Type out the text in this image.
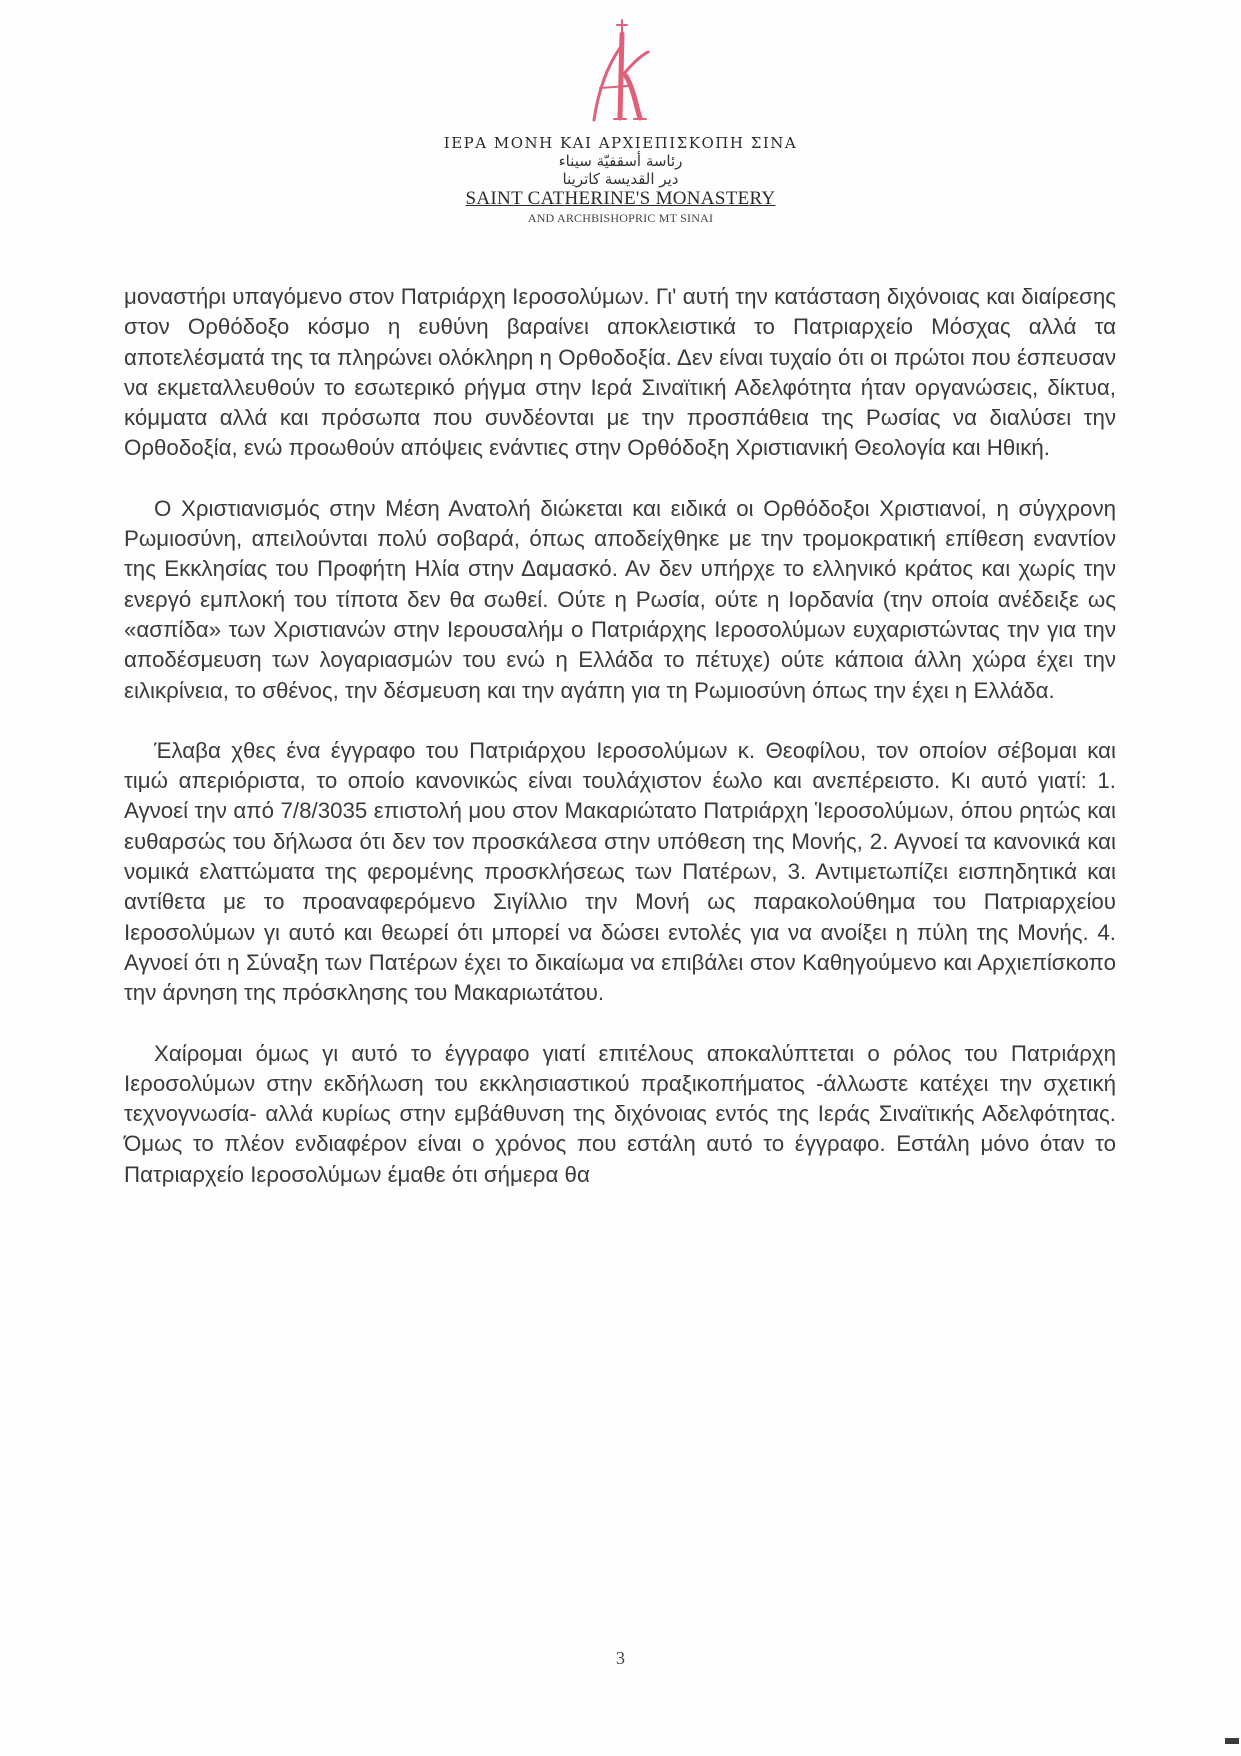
ΙΕΡΑ ΜΟΝΗ ΚΑΙ ΑΡΧΙΕΠΙΣΚΟΠΗ ΣΙΝΑ
رئاسة أسقفيّة سيناء
دير القديسة كاترينا
SAINT CATHERINE'S MONASTERY
AND ARCHBISHOPRIC MT SINAI

μοναστήρι υπαγόμενο στον Πατριάρχη Ιεροσολύμων. Γι' αυτή την κατάσταση διχόνοιας και διαίρεσης στον Ορθόδοξο κόσμο η ευθύνη βαραίνει αποκλειστικά το Πατριαρχείο Μόσχας αλλά τα αποτελέσματά της τα πληρώνει ολόκληρη η Ορθοδοξία. Δεν είναι τυχαίο ότι οι πρώτοι που έσπευσαν να εκμεταλλευθούν το εσωτερικό ρήγμα στην Ιερά Σιναϊτική Αδελφότητα ήταν οργανώσεις, δίκτυα, κόμματα αλλά και πρόσωπα που συνδέονται με την προσπάθεια της Ρωσίας να διαλύσει την Ορθοδοξία, ενώ προωθούν απόψεις ενάντιες στην Ορθόδοξη Χριστιανική Θεολογία και Ηθική.

Ο Χριστιανισμός στην Μέση Ανατολή διώκεται και ειδικά οι Ορθόδοξοι Χριστιανοί, η σύγχρονη Ρωμιοσύνη, απειλούνται πολύ σοβαρά, όπως αποδείχθηκε με την τρομοκρατική επίθεση εναντίον της Εκκλησίας του Προφήτη Ηλία στην Δαμασκό. Αν δεν υπήρχε το ελληνικό κράτος και χωρίς την ενεργό εμπλοκή του τίποτα δεν θα σωθεί. Ούτε η Ρωσία, ούτε η Ιορδανία (την οποία ανέδειξε ως «ασπίδα» των Χριστιανών στην Ιερουσαλήμ ο Πατριάρχης Ιεροσολύμων ευχαριστώντας την για την αποδέσμευση των λογαριασμών του ενώ η Ελλάδα το πέτυχε) ούτε κάποια άλλη χώρα έχει την ειλικρίνεια, το σθένος, την δέσμευση και την αγάπη για τη Ρωμιοσύνη όπως την έχει η Ελλάδα.

Έλαβα χθες ένα έγγραφο του Πατριάρχου Ιεροσολύμων κ. Θεοφίλου, τον οποίον σέβομαι και τιμώ απεριόριστα, το οποίο κανονικώς είναι τουλάχιστον έωλο και ανεπέρειστο. Κι αυτό γιατί: 1. Αγνοεί την από 7/8/3035 επιστολή μου στον Μακαριώτατο Πατριάρχη Ἱεροσολύμων, όπου ρητώς και ευθαρσώς του δήλωσα ότι δεν τον προσκάλεσα στην υπόθεση της Μονής, 2. Αγνοεί τα κανονικά και νομικά ελαττώματα της φερομένης προσκλήσεως των Πατέρων, 3. Αντιμετωπίζει εισπηδητικά και αντίθετα με το προαναφερόμενο Σιγίλλιο την Μονή ως παρακολούθημα του Πατριαρχείου Ιεροσολύμων γι αυτό και θεωρεί ότι μπορεί να δώσει εντολές για να ανοίξει η πύλη της Μονής. 4. Αγνοεί ότι η Σύναξη των Πατέρων έχει το δικαίωμα να επιβάλει στον Καθηγούμενο και Αρχιεπίσκοπο την άρνηση της πρόσκλησης του Μακαριωτάτου.

Χαίρομαι όμως γι αυτό το έγγραφο γιατί επιτέλους αποκαλύπτεται ο ρόλος του Πατριάρχη Ιεροσολύμων στην εκδήλωση του εκκλησιαστικού πραξικοπήματος -άλλωστε κατέχει την σχετική τεχνογνωσία- αλλά κυρίως στην εμβάθυνση της διχόνοιας εντός της Ιεράς Σιναϊτικής Αδελφότητας. Όμως το πλέον ενδιαφέρον είναι ο χρόνος που εστάλη αυτό το έγγραφο. Εστάλη μόνο όταν το Πατριαρχείο Ιεροσολύμων έμαθε ότι σήμερα θα

3
